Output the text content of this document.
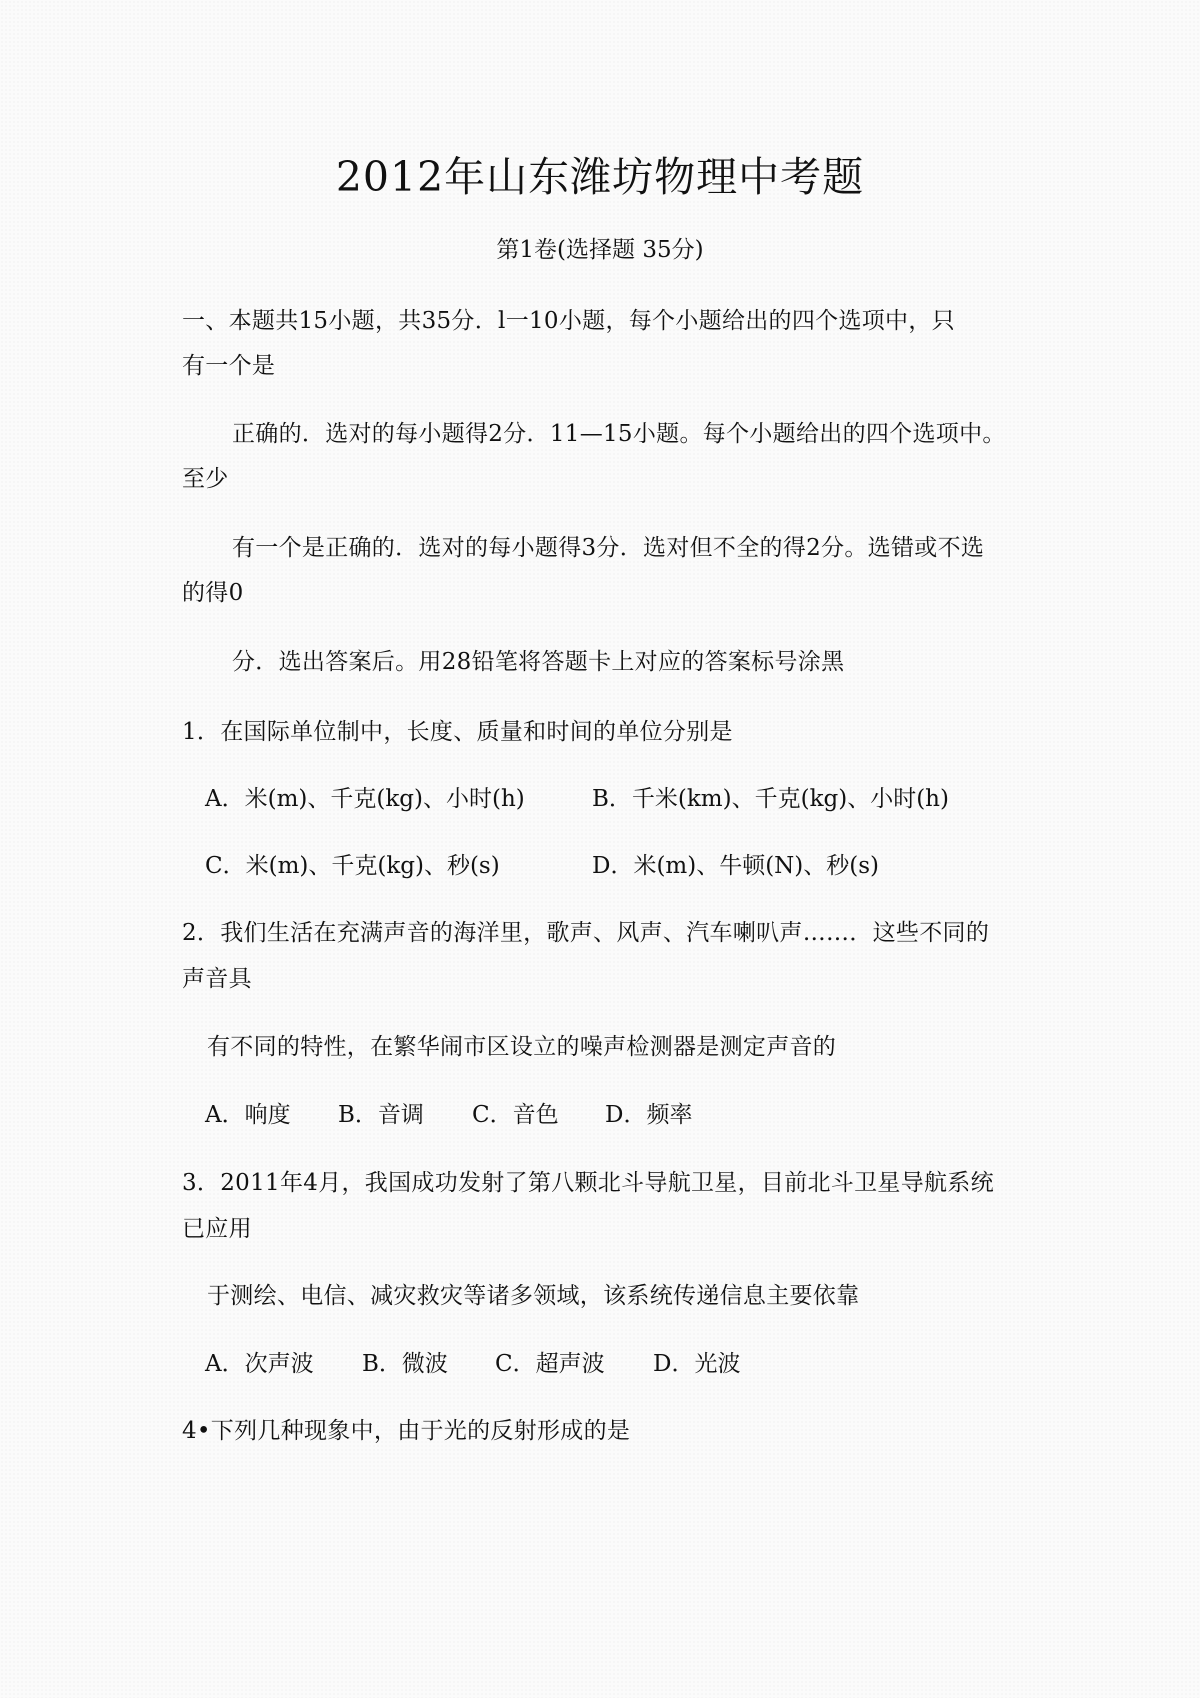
2012年山东潍坊物理中考题
第1卷(选择题 35分)
一、本题共15小题，共35分．l一10小题，每个小题给出的四个选项中，只
有一个是
正确的．选对的每小题得2分．11—15小题。每个小题给出的四个选项中。
至少
有一个是正确的．选对的每小题得3分．选对但不全的得2分。选错或不选
的得0
分．选出答案后。用28铅笔将答题卡上对应的答案标号涂黑
1．在国际单位制中，长度、质量和时间的单位分别是
A．米(m)、千克(kg)、小时(h)	B．千米(km)、千克(kg)、小时(h)
C．米(m)、千克(kg)、秒(s)	D．米(m)、牛顿(N)、秒(s)
2．我们生活在充满声音的海洋里，歌声、风声、汽车喇叭声……．这些不同的
声音具
有不同的特性，在繁华闹市区设立的噪声检测器是测定声音的
A．响度 B．音调 C．音色 D．频率
3．2011年4月，我国成功发射了第八颗北斗导航卫星，目前北斗卫星导航系统
已应用
于测绘、电信、减灾救灾等诸多领域，该系统传递信息主要依靠
A．次声波 B．微波 C．超声波 D．光波
4•下列几种现象中，由于光的反射形成的是
